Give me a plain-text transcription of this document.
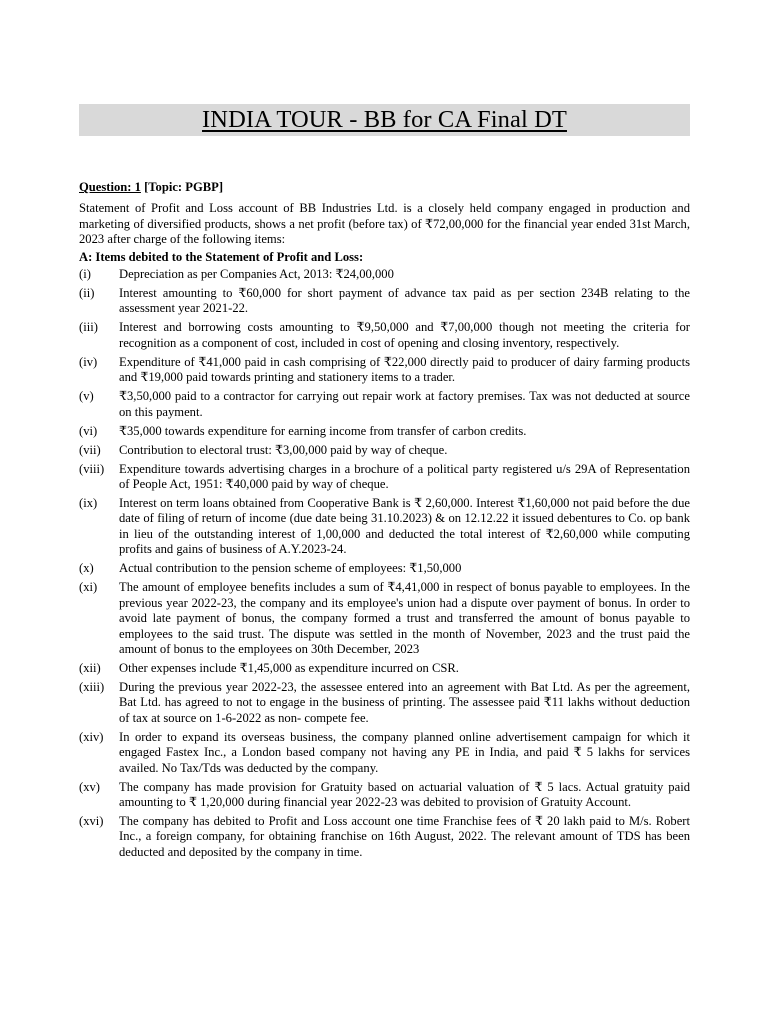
INDIA TOUR - BB for CA Final DT

Question: 1 [Topic: PGBP]

Statement of Profit and Loss account of BB Industries Ltd. is a closely held company engaged in production and marketing of diversified products, shows a net profit (before tax) of ₹72,00,000 for the financial year ended 31st March, 2023 after charge of the following items:

A: Items debited to the Statement of Profit and Loss:

(i)	Depreciation as per Companies Act, 2013: ₹24,00,000
(ii)	Interest amounting to ₹60,000 for short payment of advance tax paid as per section 234B relating to the assessment year 2021-22.
(iii)	Interest and borrowing costs amounting to ₹9,50,000 and ₹7,00,000 though not meeting the criteria for recognition as a component of cost, included in cost of opening and closing inventory, respectively.
(iv)	Expenditure of ₹41,000 paid in cash comprising of ₹22,000 directly paid to producer of dairy farming products and ₹19,000 paid towards printing and stationery items to a trader.
(v)	₹3,50,000 paid to a contractor for carrying out repair work at factory premises. Tax was not deducted at source on this payment.
(vi)	₹35,000 towards expenditure for earning income from transfer of carbon credits.
(vii)	Contribution to electoral trust: ₹3,00,000 paid by way of cheque.
(viii)	Expenditure towards advertising charges in a brochure of a political party registered u/s 29A of Representation of People Act, 1951: ₹40,000 paid by way of cheque.
(ix)	Interest on term loans obtained from Cooperative Bank is ₹ 2,60,000. Interest ₹1,60,000 not paid before the due date of filing of return of income (due date being 31.10.2023) & on 12.12.22 it issued debentures to Co. op bank in lieu of the outstanding interest of 1,00,000 and deducted the total interest of ₹2,60,000 while computing profits and gains of business of A.Y.2023-24.
(x)	Actual contribution to the pension scheme of employees: ₹1,50,000
(xi)	The amount of employee benefits includes a sum of ₹4,41,000 in respect of bonus payable to employees. In the previous year 2022-23, the company and its employee's union had a dispute over payment of bonus. In order to avoid late payment of bonus, the company formed a trust and transferred the amount of bonus payable to employees to the said trust. The dispute was settled in the month of November, 2023 and the trust paid the amount of bonus to the employees on 30th December, 2023
(xii)	Other expenses include ₹1,45,000 as expenditure incurred on CSR.
(xiii)	During the previous year 2022-23, the assessee entered into an agreement with Bat Ltd. As per the agreement, Bat Ltd. has agreed to not to engage in the business of printing. The assessee paid ₹11 lakhs without deduction of tax at source on 1-6-2022 as non- compete fee.
(xiv)	In order to expand its overseas business, the company planned online advertisement campaign for which it engaged Fastex Inc., a London based company not having any PE in India, and paid ₹ 5 lakhs for services availed. No Tax/Tds was deducted by the company.
(xv)	The company has made provision for Gratuity based on actuarial valuation of ₹ 5 lacs. Actual gratuity paid amounting to ₹ 1,20,000 during financial year 2022-23 was debited to provision of Gratuity Account.
(xvi)	The company has debited to Profit and Loss account one time Franchise fees of ₹ 20 lakh paid to M/s. Robert Inc., a foreign company, for obtaining franchise on 16th August, 2022. The relevant amount of TDS has been deducted and deposited by the company in time.
